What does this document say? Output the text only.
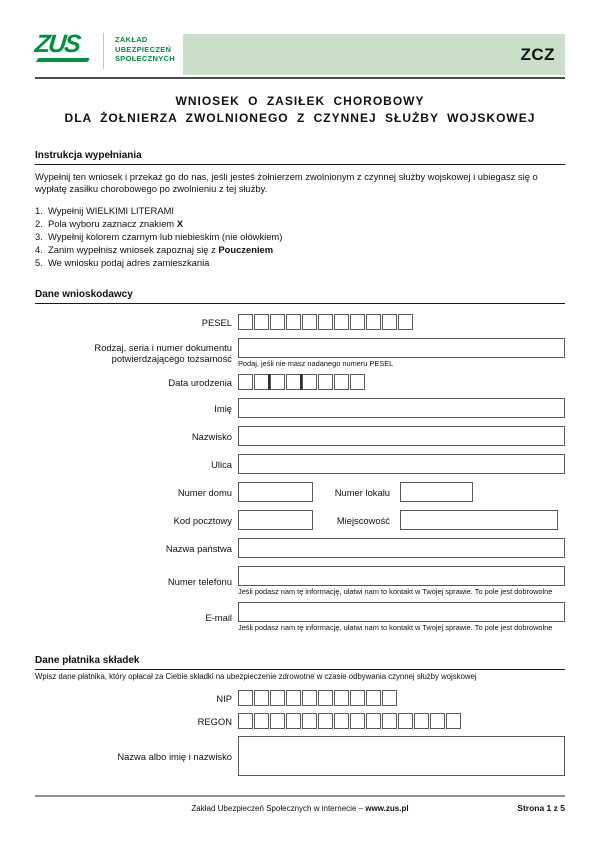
ZUS	ZAKŁAD
UBEZPIECZEŃ
SPOŁECZNYCH	ZCZ
WNIOSEK O ZASIŁEK CHOROBOWY
DLA ŻOŁNIERZA ZWOLNIONEGO Z CZYNNEJ SŁUŻBY WOJSKOWEJ
Instrukcja wypełniania

Wypełnij ten wniosek i przekaż go do nas, jeśli jesteś żołnierzem zwolnionym z czynnej służby wojskowej i ubiegasz się o wypłatę zasiłku chorobowego po zwolnieniu z tej służby.

1. Wypełnij WIELKIMI LITERAMI
2. Pola wyboru zaznacz znakiem X
3. Wypełnij kolorem czarnym lub niebieskim (nie ołówkiem)
4. Zanim wypełnisz wniosek zapoznaj się z Pouczeniem
5. We wniosku podaj adres zamieszkania
Dane wnioskodawcy
PESEL
Rodzaj, seria i numer dokumentu
potwierdzającego tożsamość Podaj, jeśli nie masz nadanego numeru PESEL
Data urodzenia
Imię
Nazwisko
Ulica
Numer domu	Numer lokalu
Kod pocztowy	Miejscowość
Nazwa państwa
Numer telefonu
Jeśli podasz nam tę informację, ułatwi nam to kontakt w Twojej sprawie. To pole jest dobrowolne
E-mail
Jeśli podasz nam tę informację, ułatwi nam to kontakt w Twojej sprawie. To pole jest dobrowolne
Dane płatnika składek
Wpisz dane płatnika, który opłacał za Ciebie składki na ubezpieczenie zdrowotne w czasie odbywania czynnej służby wojskowej
NIP
REGON
Nazwa albo imię i nazwisko
Zakład Ubezpieczeń Społecznych w internecie – www.zus.pl	Strona 1 z 5
